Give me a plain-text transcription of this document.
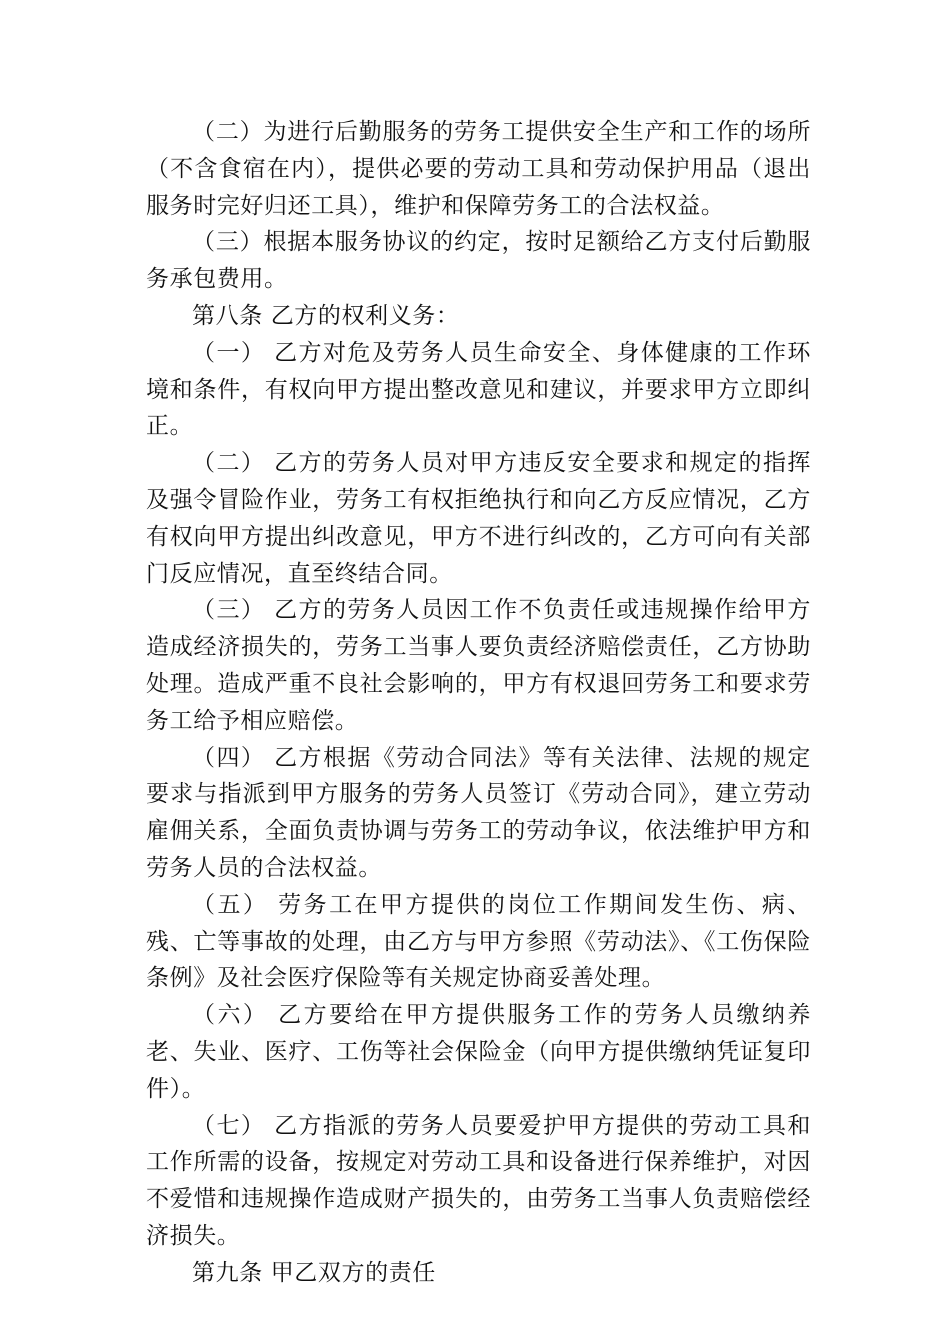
（二）为进行后勤服务的劳务工提供安全生产和工作的场所（不含食宿在内），提供必要的劳动工具和劳动保护用品（退出服务时完好归还工具），维护和保障劳务工的合法权益。

（三）根据本服务协议的约定，按时足额给乙方支付后勤服务承包费用。

第八条 乙方的权利义务：

（一） 乙方对危及劳务人员生命安全、身体健康的工作环境和条件，有权向甲方提出整改意见和建议，并要求甲方立即纠正。

（二） 乙方的劳务人员对甲方违反安全要求和规定的指挥及强令冒险作业，劳务工有权拒绝执行和向乙方反应情况，乙方有权向甲方提出纠改意见，甲方不进行纠改的，乙方可向有关部门反应情况，直至终结合同。

（三） 乙方的劳务人员因工作不负责任或违规操作给甲方造成经济损失的，劳务工当事人要负责经济赔偿责任，乙方协助处理。造成严重不良社会影响的，甲方有权退回劳务工和要求劳务工给予相应赔偿。

（四） 乙方根据《劳动合同法》等有关法律、法规的规定要求与指派到甲方服务的劳务人员签订《劳动合同》，建立劳动雇佣关系，全面负责协调与劳务工的劳动争议，依法维护甲方和劳务人员的合法权益。

（五） 劳务工在甲方提供的岗位工作期间发生伤、病、残、亡等事故的处理，由乙方与甲方参照《劳动法》、《工伤保险条例》及社会医疗保险等有关规定协商妥善处理。

（六） 乙方要给在甲方提供服务工作的劳务人员缴纳养老、失业、医疗、工伤等社会保险金（向甲方提供缴纳凭证复印件）。

（七） 乙方指派的劳务人员要爱护甲方提供的劳动工具和工作所需的设备，按规定对劳动工具和设备进行保养维护，对因不爱惜和违规操作造成财产损失的，由劳务工当事人负责赔偿经济损失。

第九条 甲乙双方的责任
